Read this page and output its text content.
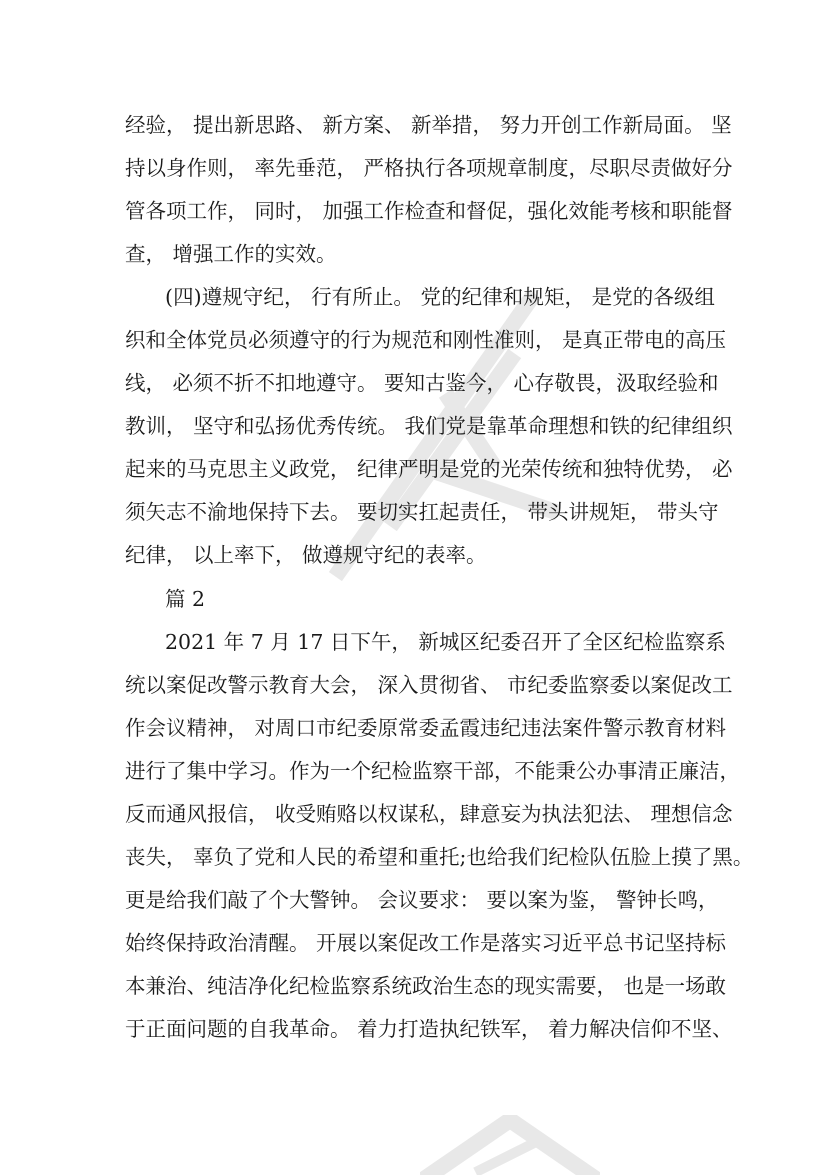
经验， 提出新思路、 新方案、 新举措， 努力开创工作新局面。 坚
持以身作则， 率先垂范， 严格执行各项规章制度，尽职尽责做好分
管各项工作， 同时， 加强工作检查和督促，强化效能考核和职能督
查， 增强工作的实效。
(四)遵规守纪， 行有所止。 党的纪律和规矩， 是党的各级组
织和全体党员必须遵守的行为规范和刚性准则， 是真正带电的高压
线， 必须不折不扣地遵守。 要知古鉴今， 心存敬畏，汲取经验和
教训， 坚守和弘扬优秀传统。 我们党是靠革命理想和铁的纪律组织
起来的马克思主义政党， 纪律严明是党的光荣传统和独特优势， 必
须矢志不渝地保持下去。 要切实扛起责任， 带头讲规矩， 带头守
纪律， 以上率下， 做遵规守纪的表率。
篇 2
2021 年 7 月 17 日下午， 新城区纪委召开了全区纪检监察系
统以案促改警示教育大会， 深入贯彻省、 市纪委监察委以案促改工
作会议精神， 对周口市纪委原常委孟霞违纪违法案件警示教育材料
进行了集中学习。作为一个纪检监察干部，不能秉公办事清正廉洁，
反而通风报信， 收受贿赂以权谋私，肆意妄为执法犯法、 理想信念
丧失， 辜负了党和人民的希望和重托;也给我们纪检队伍脸上摸了黑。
更是给我们敲了个大警钟。 会议要求： 要以案为鉴， 警钟长鸣，
始终保持政治清醒。 开展以案促改工作是落实习近平总书记坚持标
本兼治、纯洁净化纪检监察系统政治生态的现实需要， 也是一场敢
于正面问题的自我革命。 着力打造执纪铁军， 着力解决信仰不坚、
